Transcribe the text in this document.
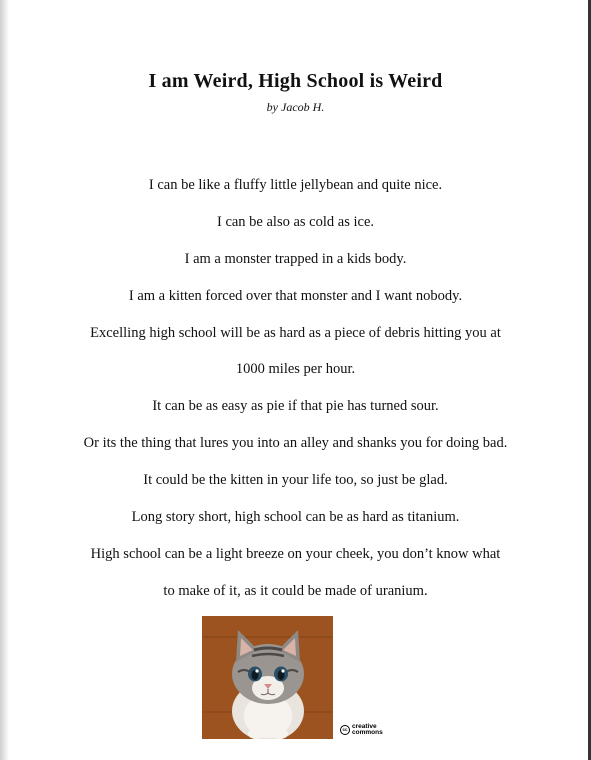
I am Weird, High School is Weird
by Jacob H.
I can be like a fluffy little jellybean and quite nice.
I can be also as cold as ice.
I am a monster trapped in a kids body.
I am a kitten forced over that monster and I want nobody.
Excelling high school will be as hard as a piece of debris hitting you at
1000 miles per hour.
It can be as easy as pie if that pie has turned sour.
Or its the thing that lures you into an alley and shanks you for doing bad.
It could be the kitten in your life too, so just be glad.
Long story short, high school can be as hard as titanium.
High school can be a light breeze on your cheek, you don’t know what
to make of it, as it could be made of uranium.
cc creative
commons
